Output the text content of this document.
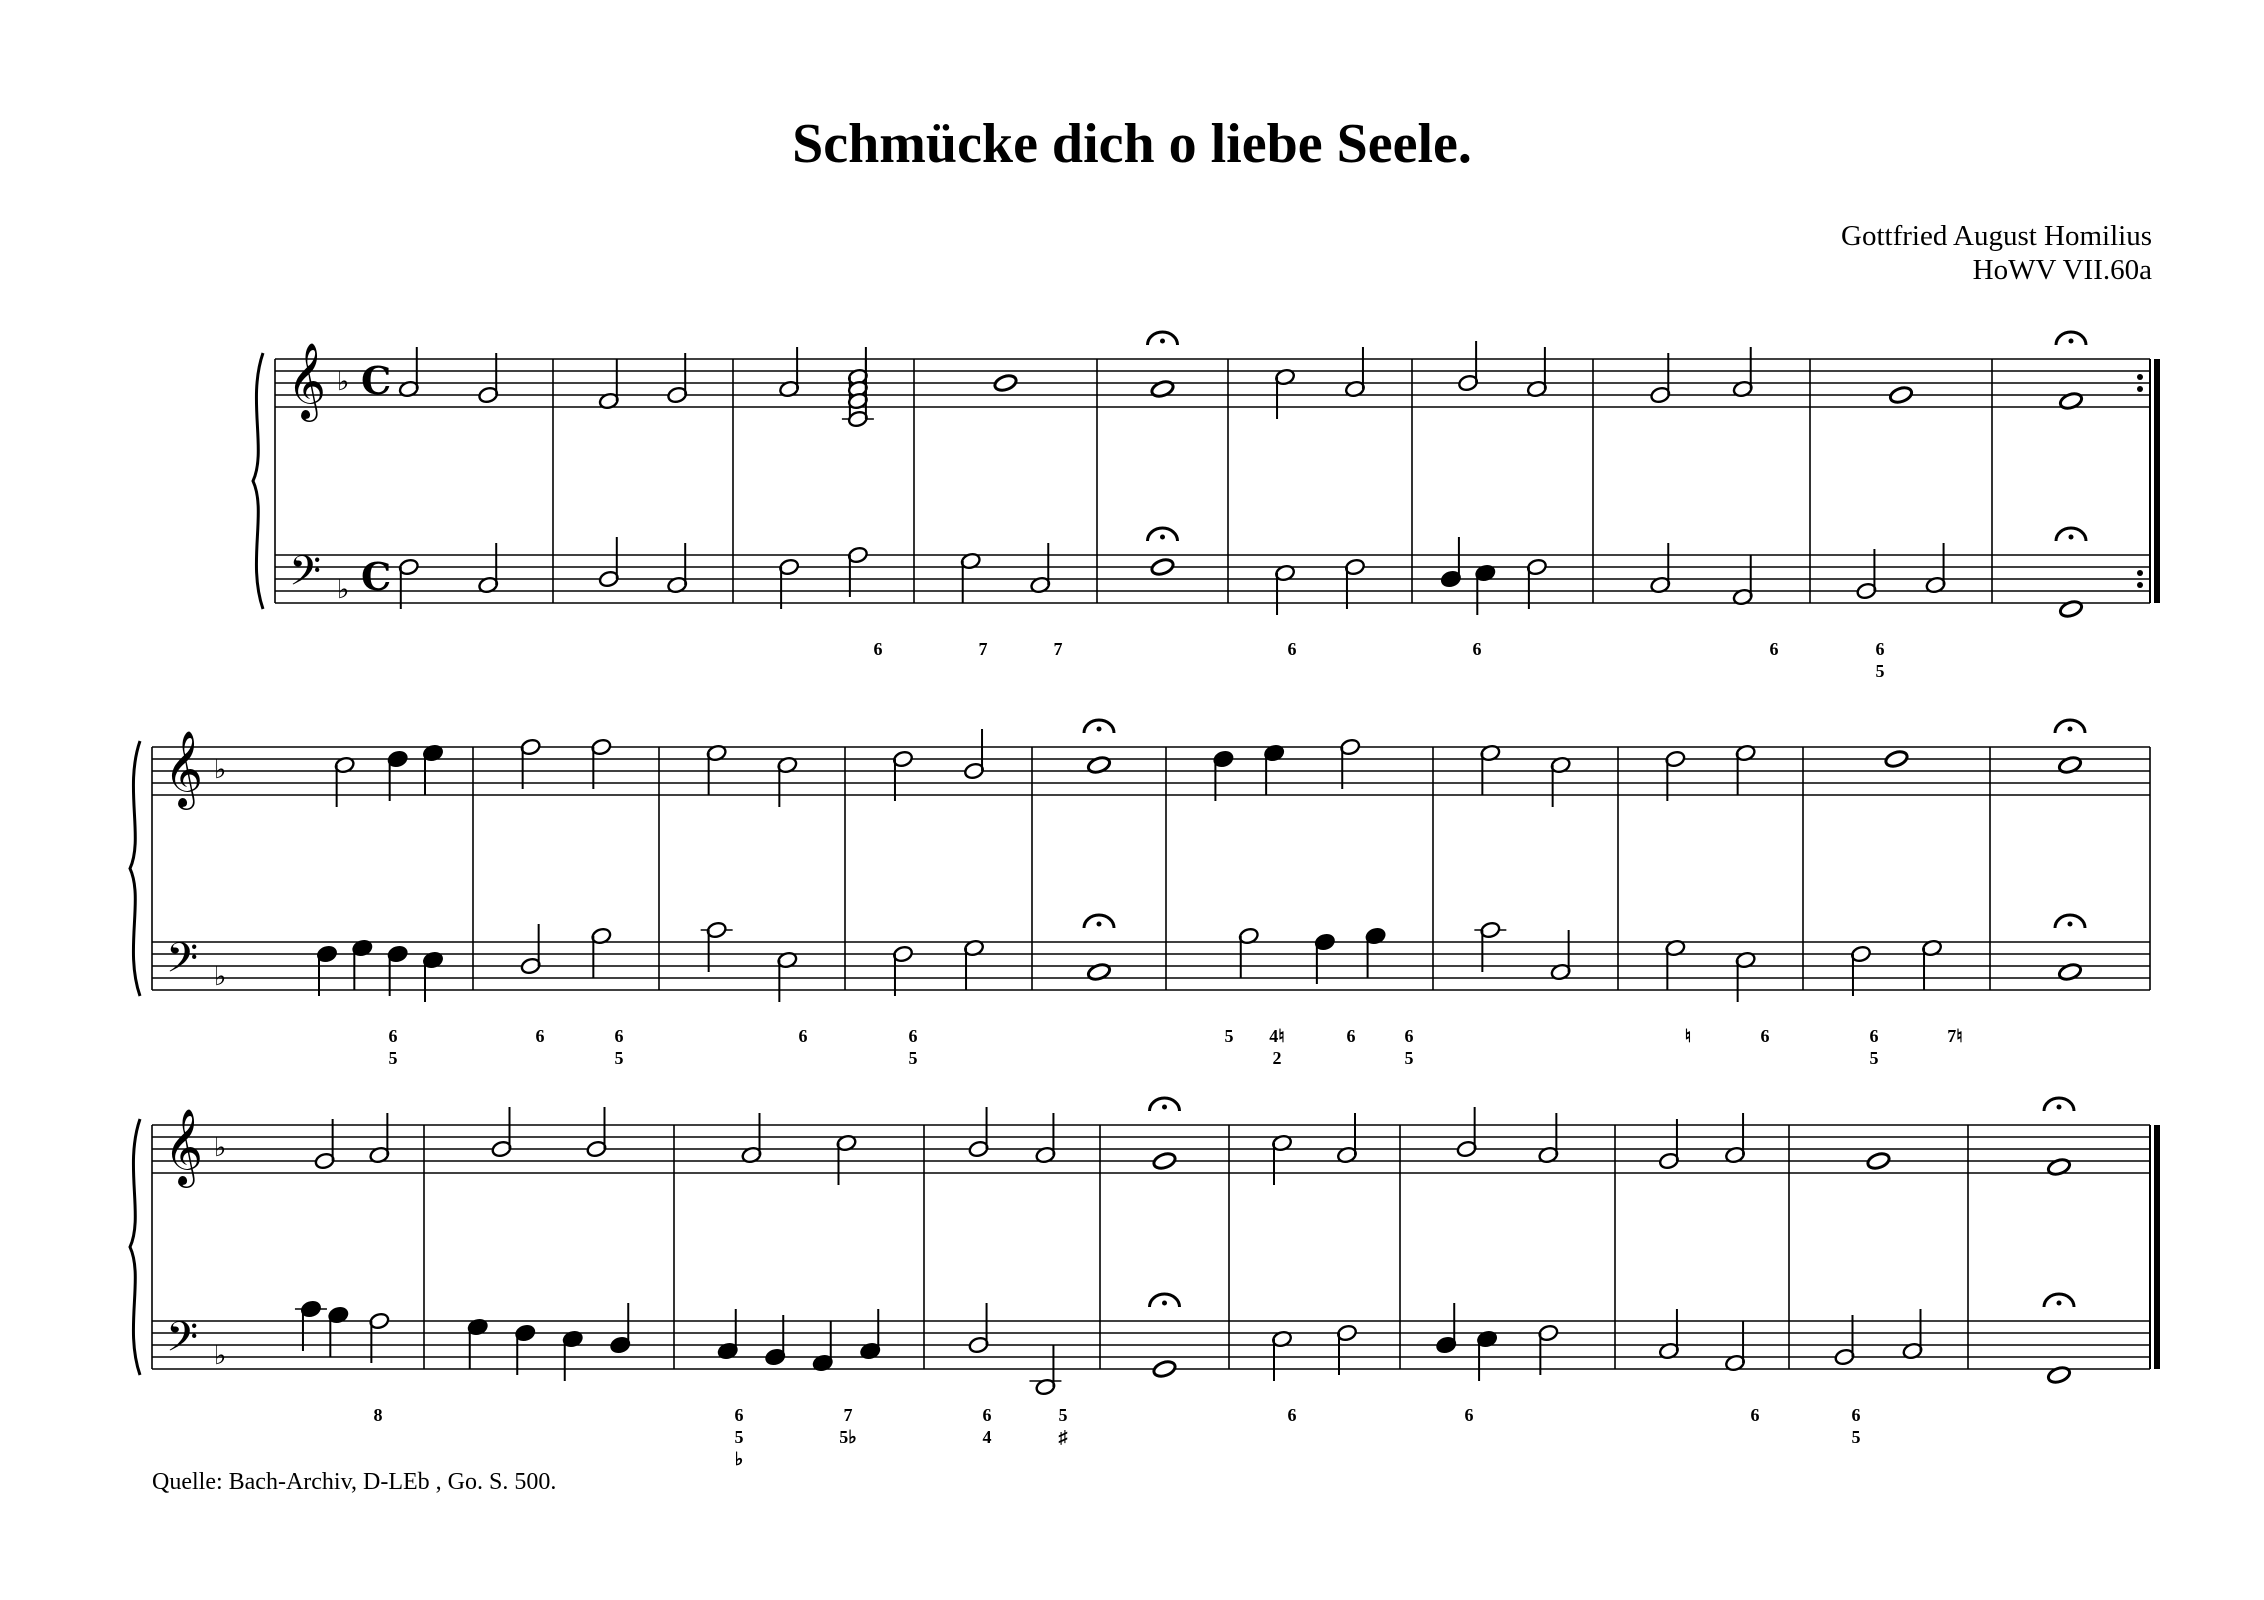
Schmücke dich o liebe Seele.
Gottfried August Homilius
HoWV VII.60a
𝄞
𝄢
♭
♭
C
C
6	7	7	6	6	6	6
5
𝄞
𝄢
♭
♭
6
5
6	6
5
6	6
5
5 4♮
2
6	6
5
♮	6	6
5
7♮
𝄞
𝄢
♭
♭
8	6
5
♭
7
5♭
6
4
5
♯
6	6	6	6
5
Quelle: Bach-Archiv, D-LEb , Go. S. 500.
